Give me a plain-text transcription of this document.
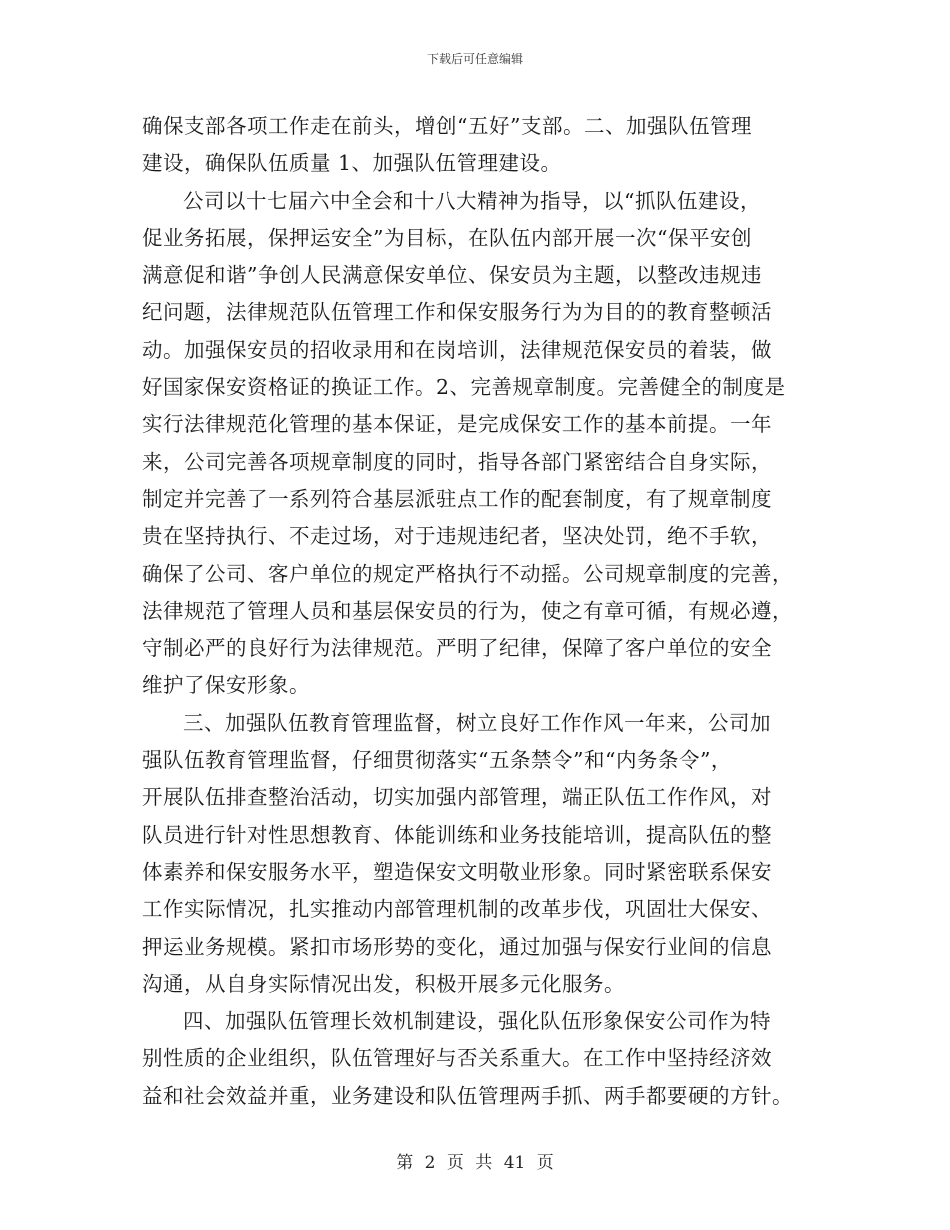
下载后可任意编辑
确保支部各项工作走在前头，增创“五好”支部。二、加强队伍管理
建设，确保队伍质量 1、加强队伍管理建设。
公司以十七届六中全会和十八大精神为指导，以“抓队伍建设，
促业务拓展，保押运安全”为目标，在队伍内部开展一次“保平安创
满意促和谐”争创人民满意保安单位、保安员为主题，以整改违规违
纪问题，法律规范队伍管理工作和保安服务行为为目的的教育整顿活
动。加强保安员的招收录用和在岗培训，法律规范保安员的着装，做
好国家保安资格证的换证工作。2、完善规章制度。完善健全的制度是
实行法律规范化管理的基本保证，是完成保安工作的基本前提。一年
来，公司完善各项规章制度的同时，指导各部门紧密结合自身实际，
制定并完善了一系列符合基层派驻点工作的配套制度，有了规章制度
贵在坚持执行、不走过场，对于违规违纪者，坚决处罚，绝不手软，
确保了公司、客户单位的规定严格执行不动摇。公司规章制度的完善，
法律规范了管理人员和基层保安员的行为，使之有章可循，有规必遵，
守制必严的良好行为法律规范。严明了纪律，保障了客户单位的安全
维护了保安形象。
三、加强队伍教育管理监督，树立良好工作作风一年来，公司加
强队伍教育管理监督，仔细贯彻落实“五条禁令”和“内务条令”，
开展队伍排查整治活动，切实加强内部管理，端正队伍工作作风，对
队员进行针对性思想教育、体能训练和业务技能培训，提高队伍的整
体素养和保安服务水平，塑造保安文明敬业形象。同时紧密联系保安
工作实际情况，扎实推动内部管理机制的改革步伐，巩固壮大保安、
押运业务规模。紧扣市场形势的变化，通过加强与保安行业间的信息
沟通，从自身实际情况出发，积极开展多元化服务。
四、加强队伍管理长效机制建设，强化队伍形象保安公司作为特
别性质的企业组织，队伍管理好与否关系重大。在工作中坚持经济效
益和社会效益并重，业务建设和队伍管理两手抓、两手都要硬的方针。
第 2 页 共 41 页
